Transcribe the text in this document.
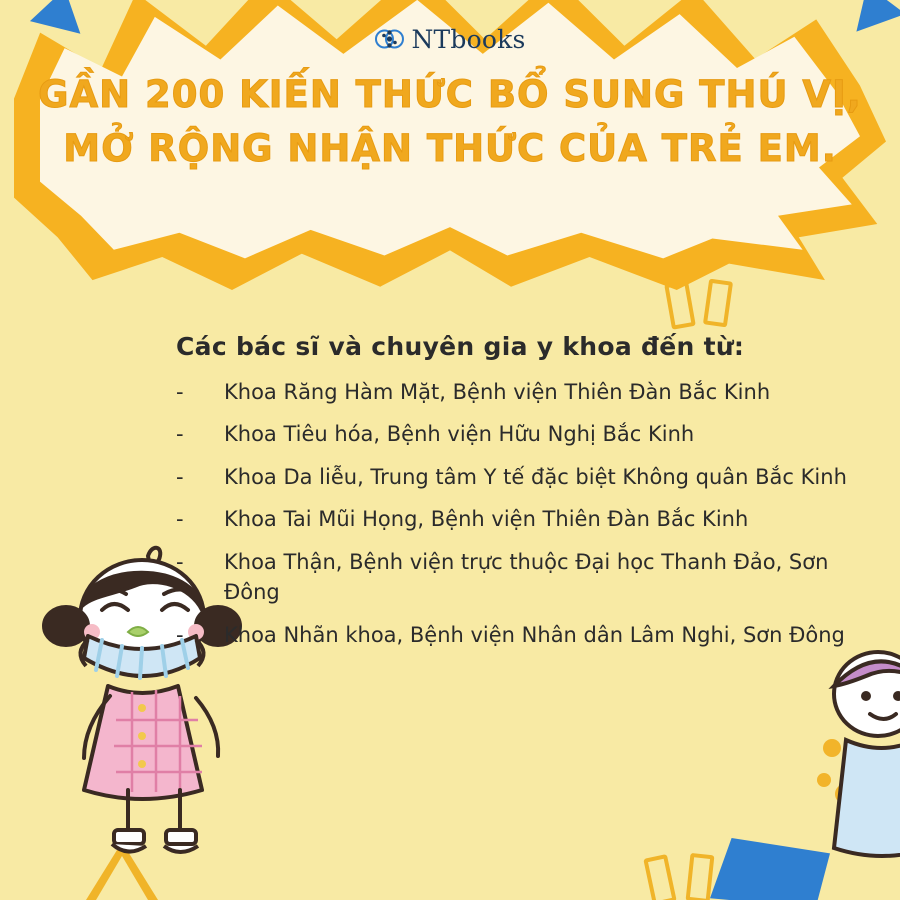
NTbooks
GẦN 200 KIẾN THỨC BỔ SUNG THÚ VỊ,
MỞ RỘNG NHẬN THỨC CỦA TRẺ EM.
Các bác sĩ và chuyên gia y khoa đến từ:
-	Khoa Răng Hàm Mặt, Bệnh viện Thiên Đàn Bắc Kinh
-	Khoa Tiêu hóa, Bệnh viện Hữu Nghị Bắc Kinh
-	Khoa Da liễu, Trung tâm Y tế đặc biệt Không quân Bắc Kinh
-	Khoa Tai Mũi Họng, Bệnh viện Thiên Đàn Bắc Kinh
-	Khoa Thận, Bệnh viện trực thuộc Đại học Thanh Đảo, Sơn Đông
-	Khoa Nhãn khoa, Bệnh viện Nhân dân Lâm Nghi, Sơn Đông
